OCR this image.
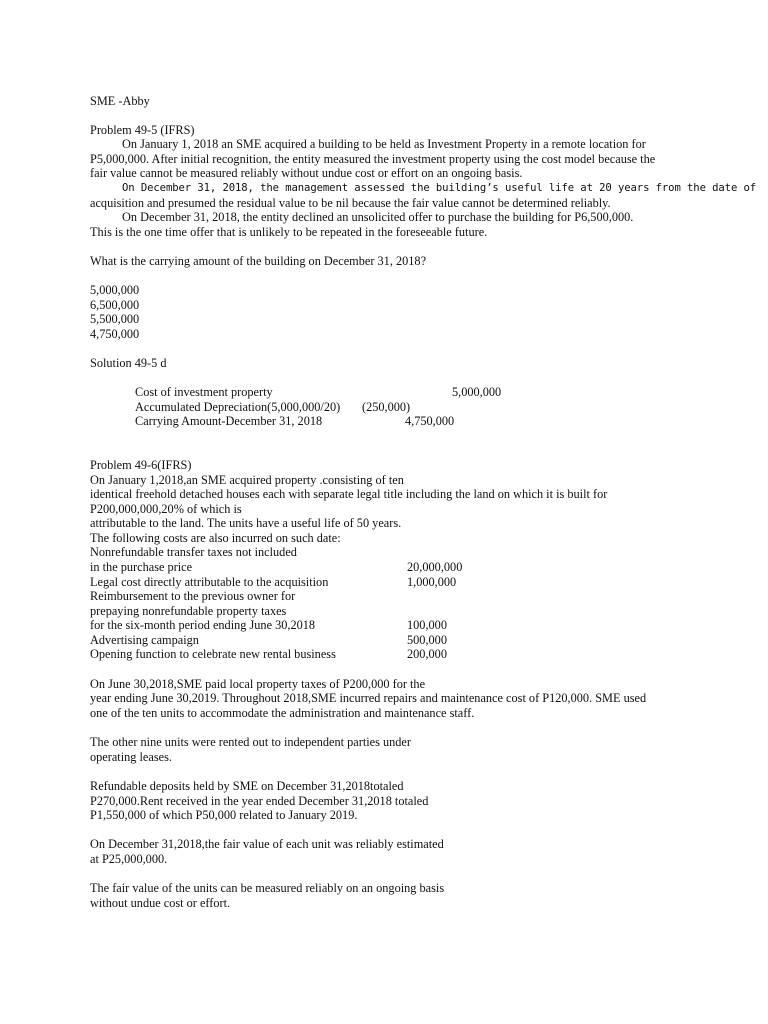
SME -Abby
Problem 49-5 (IFRS)
On January 1, 2018 an SME acquired a building to be held as Investment Property in a remote location for
P5,000,000. After initial recognition, the entity measured the investment property using the cost model because the
fair value cannot be measured reliably without undue cost or effort on an ongoing basis.
On December 31, 2018, the management assessed the building’s useful life at 20 years from the date of
acquisition and presumed the residual value to be nil because the fair value cannot be determined reliably.
On December 31, 2018, the entity declined an unsolicited offer to purchase the building for P6,500,000.
This is the one time offer that is unlikely to be repeated in the foreseeable future.
What is the carrying amount of the building on December 31, 2018?
5,000,000
6,500,000
5,500,000
4,750,000
Solution 49-5 d
Cost of investment property	5,000,000
Accumulated Depreciation(5,000,000/20) (250,000)
Carrying Amount-December 31, 2018	4,750,000
Problem 49-6(IFRS)
On January 1,2018,an SME acquired property .consisting of ten
identical freehold detached houses each with separate legal title including the land on which it is built for
P200,000,000,20% of which is
attributable to the land. The units have a useful life of 50 years.
The following costs are also incurred on such date:
Nonrefundable transfer taxes not included
in the purchase price	20,000,000
Legal cost directly attributable to the acquisition	1,000,000
Reimbursement to the previous owner for
prepaying nonrefundable property taxes
for the six-month period ending June 30,2018	100,000
Advertising campaign	500,000
Opening function to celebrate new rental business	200,000
On June 30,2018,SME paid local property taxes of P200,000 for the
year ending June 30,2019. Throughout 2018,SME incurred repairs and maintenance cost of P120,000. SME used
one of the ten units to accommodate the administration and maintenance staff.
The other nine units were rented out to independent parties under
operating leases.
Refundable deposits held by SME on December 31,2018totaled
P270,000.Rent received in the year ended December 31,2018 totaled
P1,550,000 of which P50,000 related to January 2019.
On December 31,2018,the fair value of each unit was reliably estimated
at P25,000,000.
The fair value of the units can be measured reliably on an ongoing basis
without undue cost or effort.
